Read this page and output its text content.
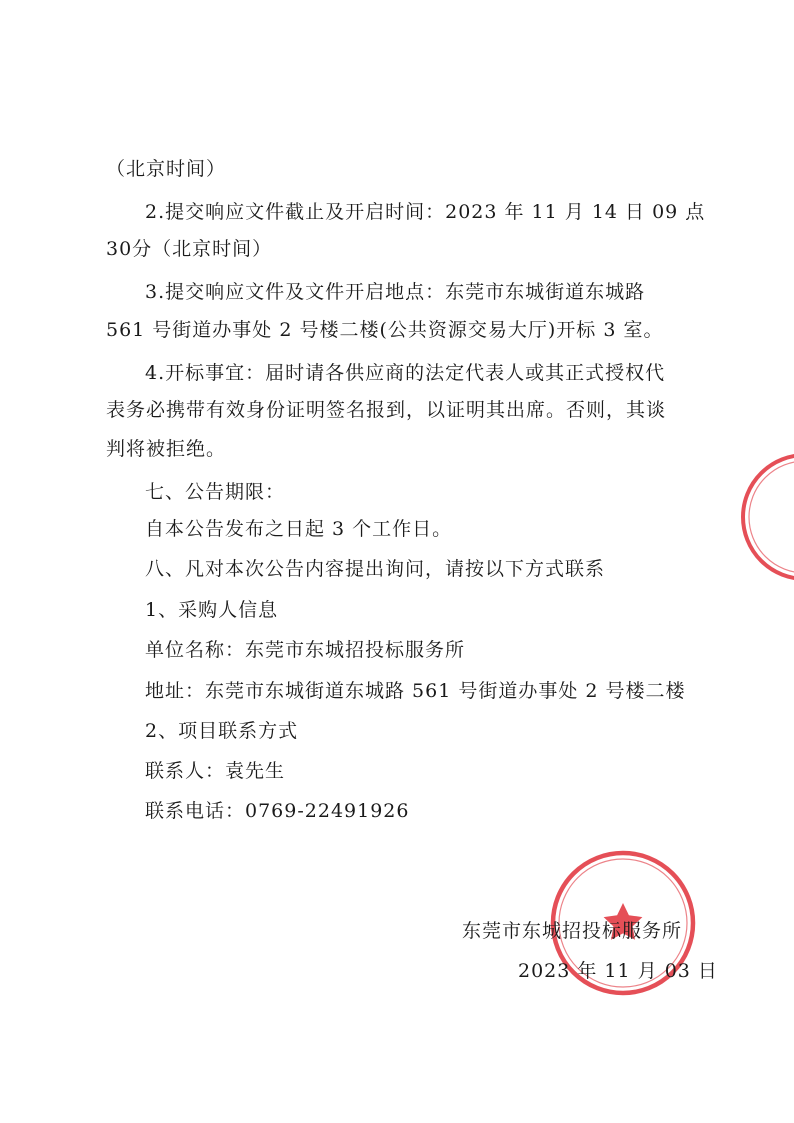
（北京时间）
2.提交响应文件截止及开启时间：2023 年 11 月 14 日 09 点
30分（北京时间）
3.提交响应文件及文件开启地点：东莞市东城街道东城路
561 号街道办事处 2 号楼二楼(公共资源交易大厅)开标 3 室。
4.开标事宜：届时请各供应商的法定代表人或其正式授权代
表务必携带有效身份证明签名报到，以证明其出席。否则，其谈
判将被拒绝。
七、公告期限：
自本公告发布之日起 3 个工作日。
八、凡对本次公告内容提出询问，请按以下方式联系
1、采购人信息
单位名称：东莞市东城招投标服务所
地址：东莞市东城街道东城路 561 号街道办事处 2 号楼二楼
2、项目联系方式
联系人：袁先生
联系电话：0769-22491926
东莞市东城招投标服务所
2023 年 11 月 03 日
